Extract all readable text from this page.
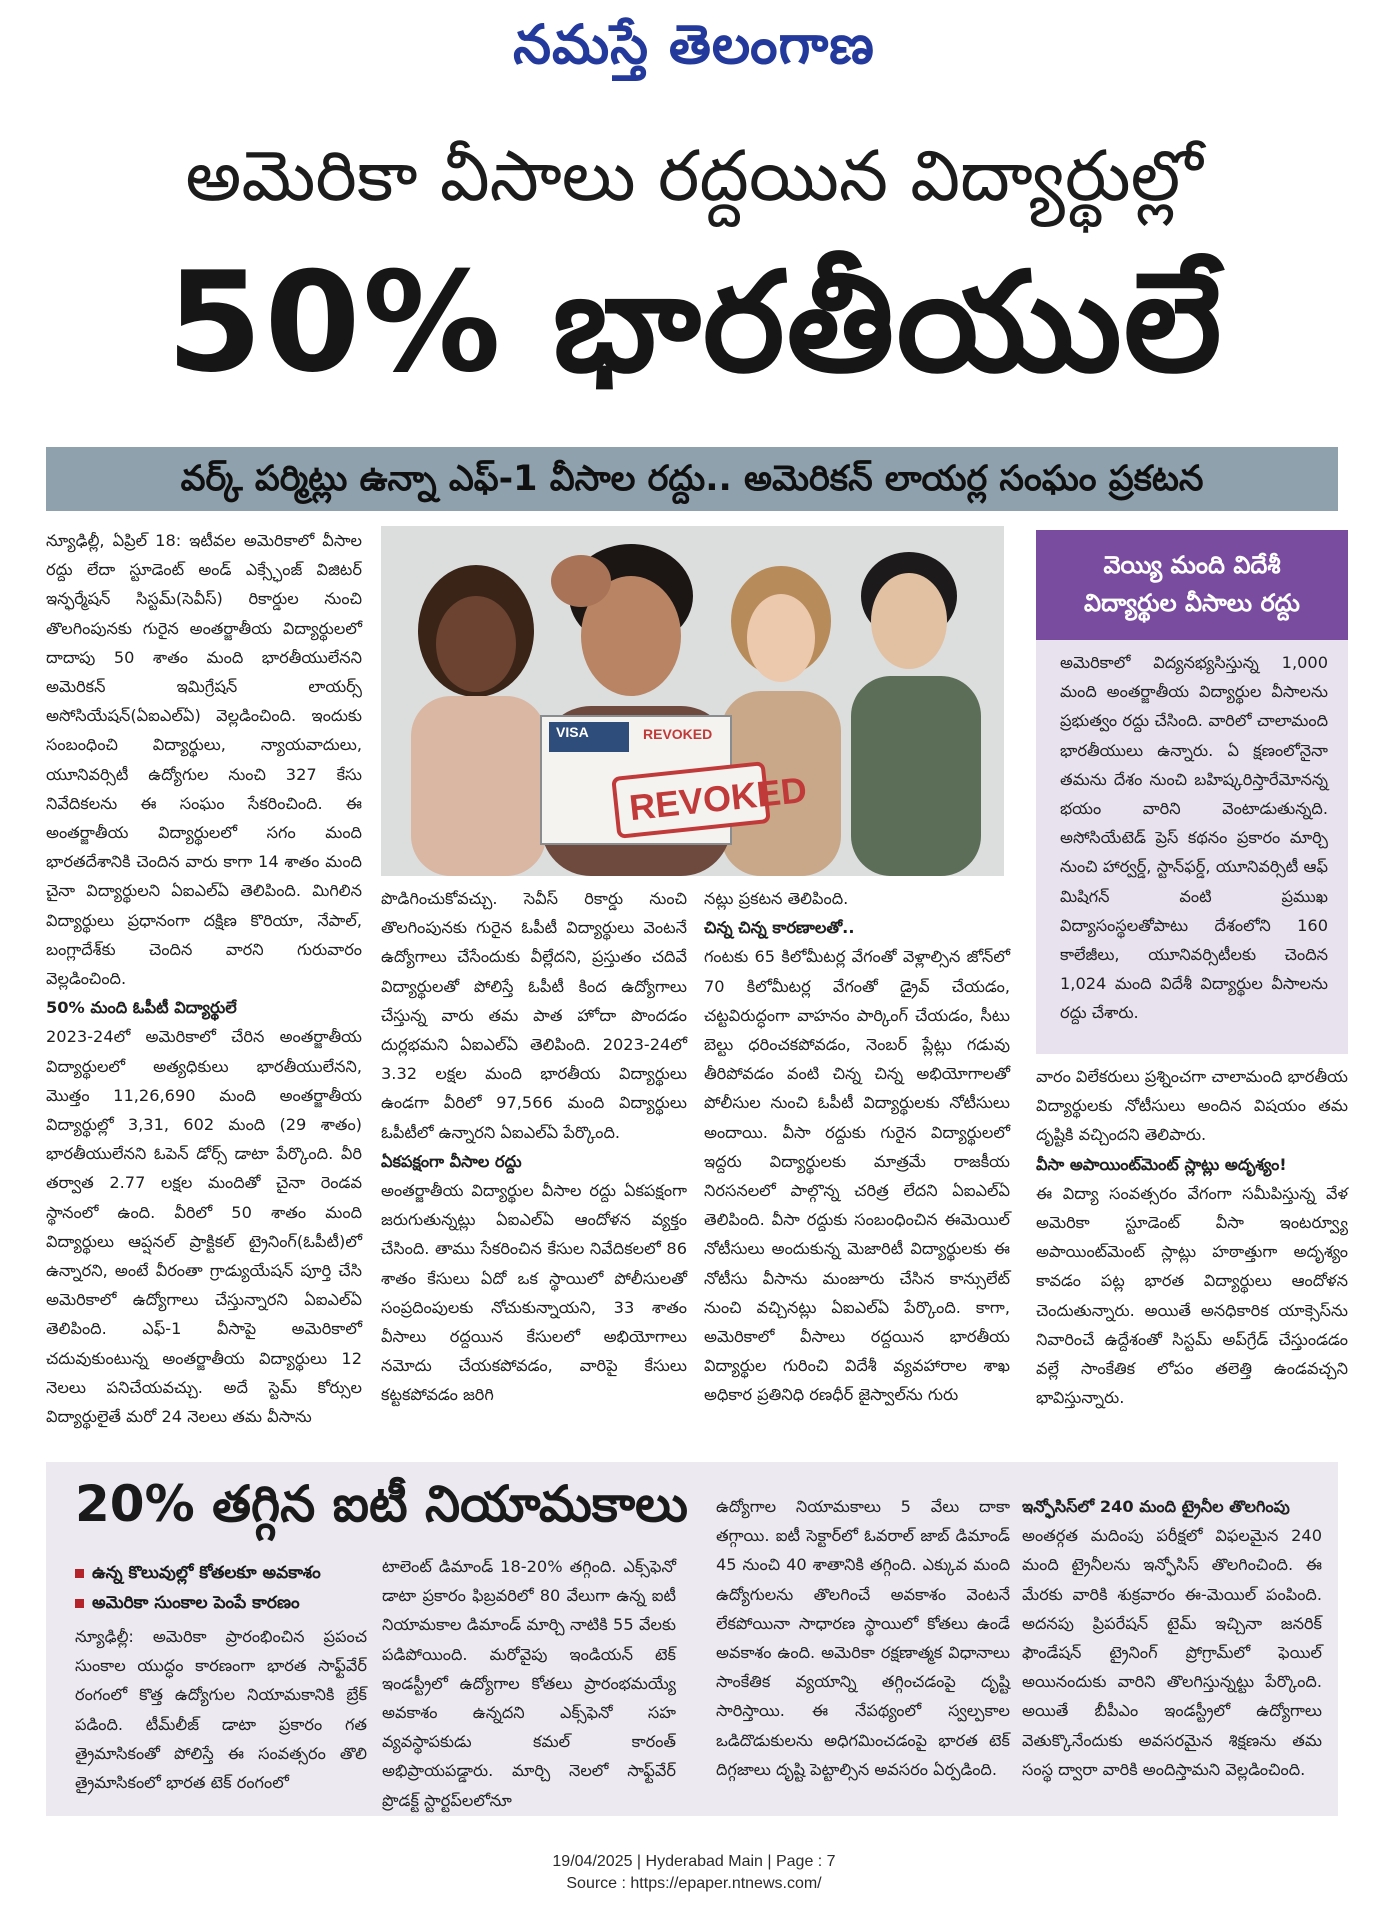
నమస్తే తెలంగాణ
అమెరికా వీసాలు రద్దయిన విద్యార్థుల్లో
50% భారతీయులే
వర్క్‌ పర్మిట్లు ఉన్నా ఎఫ్‌-1 వీసాల రద్దు.. అమెరికన్‌ లాయర్ల సంఘం ప్రకటన

న్యూఢిల్లీ, ఏప్రిల్‌ 18: ఇటీవల అమెరికాలో వీసాల రద్దు లేదా స్టూడెంట్‌ అండ్‌ ఎక్స్ఛేంజ్‌ విజిటర్‌ ఇన్ఫర్మేషన్‌ సిస్టమ్‌(సెవీస్‌) రికార్డుల నుంచి తొలగింపునకు గురైన అంతర్జాతీయ విద్యార్థులలో దాదాపు 50 శాతం మంది భారతీయులేనని అమెరికన్‌ ఇమిగ్రేషన్‌ లాయర్స్‌ అసోసియేషన్‌(ఏఐఎల్‌ఏ) వెల్లడించింది. ఇందుకు సంబంధించి విద్యార్థులు, న్యాయవాదులు, యూనివర్సిటీ ఉద్యోగుల నుంచి 327 కేసు నివేదికలను ఈ సంఘం సేకరించింది. ఈ అంతర్జాతీయ విద్యార్థులలో సగం మంది భారతదేశానికి చెందిన వారు కాగా 14 శాతం మంది చైనా విద్యార్థులని ఏఐఎల్‌ఏ తెలిపింది. మిగిలిన విద్యార్థులు ప్రధానంగా దక్షిణ కొరియా, నేపాల్‌, బంగ్లాదేశ్‌కు చెందిన వారని గురువారం వెల్లడించింది.

50% మంది ఓపీటీ విద్యార్థులే

2023-24లో అమెరికాలో చేరిన అంతర్జాతీయ విద్యార్థులలో అత్యధికులు భారతీయులేనని, మొత్తం 11,26,690 మంది అంతర్జాతీయ విద్యార్థుల్లో 3,31, 602 మంది (29 శాతం) భారతీయులేనని ఓపెన్‌ డోర్స్‌ డాటా పేర్కొంది. వీరి తర్వాత 2.77 లక్షల మందితో చైనా రెండవ స్థానంలో ఉంది. వీరిలో 50 శాతం మంది విద్యార్థులు ఆప్షనల్‌ ప్రాక్టికల్‌ ట్రైనింగ్‌(ఓపీటీ)లో ఉన్నారని, అంటే వీరంతా గ్రాడ్యుయేషన్‌ పూర్తి చేసి అమెరికాలో ఉద్యోగాలు చేస్తున్నారని ఏఐఎల్‌ఏ తెలిపింది. ఎఫ్‌-1 వీసాపై అమెరికాలో చదువుకుంటున్న అంతర్జాతీయ విద్యార్థులు 12 నెలలు పనిచేయవచ్చు. అదే స్టెమ్‌ కోర్సుల విద్యార్థులైతే మరో 24 నెలలు తమ వీసాను

VISA	REVOKED
REVOKED

పొడిగించుకోవచ్చు. సెవీస్‌ రికార్డు నుంచి తొలగింపునకు గురైన ఓపీటీ విద్యార్థులు వెంటనే ఉద్యోగాలు చేసేందుకు వీల్లేదని, ప్రస్తుతం చదివే విద్యార్థులతో పోలిస్తే ఓపీటీ కింద ఉద్యోగాలు చేస్తున్న వారు తమ పాత హోదా పొందడం దుర్లభమని ఏఐఎల్‌ఏ తెలిపింది. 2023-24లో 3.32 లక్షల మంది భారతీయ విద్యార్థులు ఉండగా వీరిలో 97,566 మంది విద్యార్థులు ఓపీటీలో ఉన్నారని ఏఐఎల్‌ఏ పేర్కొంది.

ఏకపక్షంగా వీసాల రద్దు

అంతర్జాతీయ విద్యార్థుల వీసాల రద్దు ఏకపక్షంగా జరుగుతున్నట్లు ఏఐఎల్‌ఏ ఆందోళన వ్యక్తం చేసింది. తాము సేకరించిన కేసుల నివేదికలలో 86 శాతం కేసులు ఏదో ఒక స్థాయిలో పోలీసులతో సంప్రదింపులకు నోచుకున్నాయని, 33 శాతం వీసాలు రద్దయిన కేసులలో అభియోగాలు నమోదు చేయకపోవడం, వారిపై కేసులు కట్టకపోవడం జరిగి

నట్లు ప్రకటన తెలిపింది.

చిన్న చిన్న కారణాలతో..

గంటకు 65 కిలోమీటర్ల వేగంతో వెళ్లాల్సిన జోన్‌లో 70 కిలోమీటర్ల వేగంతో డ్రైవ్‌ చేయడం, చట్టవిరుద్ధంగా వాహనం పార్కింగ్‌ చేయడం, సీటు బెల్టు ధరించకపోవడం, నెంబర్‌ ప్లేట్లు గడువు తీరిపోవడం వంటి చిన్న చిన్న అభియోగాలతో పోలీసుల నుంచి ఓపీటీ విద్యార్థులకు నోటీసులు అందాయి. వీసా రద్దుకు గురైన విద్యార్థులలో ఇద్దరు విద్యార్థులకు మాత్రమే రాజకీయ నిరసనలలో పాల్గొన్న చరిత్ర లేదని ఏఐఎల్‌ఏ తెలిపింది. వీసా రద్దుకు సంబంధించిన ఈమెయిల్‌ నోటీసులు అందుకున్న మెజారిటీ విద్యార్థులకు ఈ నోటీసు వీసాను మంజూరు చేసిన కాన్సులేట్‌ నుంచి వచ్చినట్లు ఏఐఎల్‌ఏ పేర్కొంది. కాగా, అమెరికాలో వీసాలు రద్దయిన భారతీయ విద్యార్థుల గురించి విదేశీ వ్యవహారాల శాఖ అధికార ప్రతినిధి రణధీర్‌ జైస్వాల్‌ను గురు

వెయ్యి మంది విదేశీ
విద్యార్థుల వీసాలు రద్దు

అమెరికాలో విద్యనభ్యసిస్తున్న 1,000 మంది అంతర్జాతీయ విద్యార్థుల వీసాలను ప్రభుత్వం రద్దు చేసింది. వారిలో చాలామంది భారతీయులు ఉన్నారు. ఏ క్షణంలోనైనా తమను దేశం నుంచి బహిష్కరిస్తారేమోనన్న భయం వారిని వెంటాడుతున్నది. అసోసియేటెడ్‌ ప్రెస్‌ కథనం ప్రకారం మార్చి నుంచి హార్వర్డ్‌, స్టాన్‌ఫర్డ్‌, యూనివర్సిటీ ఆఫ్‌ మిషిగన్‌ వంటి ప్రముఖ విద్యాసంస్థలతోపాటు దేశంలోని 160 కాలేజీలు, యూనివర్సిటీలకు చెందిన 1,024 మంది విదేశీ విద్యార్థుల వీసాలను రద్దు చేశారు.

వారం విలేకరులు ప్రశ్నించగా చాలామంది భారతీయ విద్యార్థులకు నోటీసులు అందిన విషయం తమ దృష్టికి వచ్చిందని తెలిపారు.

వీసా అపాయింట్‌మెంట్‌ స్లాట్లు అదృశ్యం!

ఈ విద్యా సంవత్సరం వేగంగా సమీపిస్తున్న వేళ అమెరికా స్టూడెంట్‌ వీసా ఇంటర్వ్యూ అపాయింట్‌మెంట్‌ స్లాట్లు హఠాత్తుగా అదృశ్యం కావడం పట్ల భారత విద్యార్థులు ఆందోళన చెందుతున్నారు. అయితే అనధికారిక యాక్సెస్‌ను నివారించే ఉద్దేశంతో సిస్టమ్‌ అప్‌గ్రేడ్‌ చేస్తుండడం వల్లే సాంకేతిక లోపం తలెత్తి ఉండవచ్చని భావిస్తున్నారు.

20% తగ్గిన ఐటీ నియామకాలు
ఉన్న కొలువుల్లో కోతలకూ అవకాశం
అమెరికా సుంకాల పెంపే కారణం

న్యూఢిల్లీ: అమెరికా ప్రారంభించిన ప్రపంచ సుంకాల యుద్ధం కారణంగా భారత సాఫ్ట్‌వేర్‌ రంగంలో కొత్త ఉద్యోగుల నియామకానికి బ్రేక్‌ పడింది. టీమ్‌లీజ్‌ డాటా ప్రకారం గత త్రైమాసికంతో పోలిస్తే ఈ సంవత్సరం తొలి త్రైమాసికంలో భారత టెక్‌ రంగంలో

టాలెంట్‌ డిమాండ్‌ 18-20% తగ్గింది. ఎక్స్‌ఫెనో డాటా ప్రకారం ఫిబ్రవరిలో 80 వేలుగా ఉన్న ఐటీ నియామకాల డిమాండ్‌ మార్చి నాటికి 55 వేలకు పడిపోయింది. మరోవైపు ఇండియన్‌ టెక్‌ ఇండస్ట్రీలో ఉద్యోగాల కోతలు ప్రారంభమయ్యే అవకాశం ఉన్నదని ఎక్స్‌ఫెనో సహ వ్యవస్థాపకుడు కమల్‌ కారంత్‌ అభిప్రాయపడ్డారు. మార్చి నెలలో సాఫ్ట్‌వేర్‌ ప్రొడక్ట్‌ స్టార్టప్‌లలోనూ

ఉద్యోగాల నియామకాలు 5 వేలు దాకా తగ్గాయి. ఐటీ సెక్టార్‌లో ఓవరాల్‌ జాబ్‌ డిమాండ్‌ 45 నుంచి 40 శాతానికి తగ్గింది. ఎక్కువ మంది ఉద్యోగులను తొలగించే అవకాశం వెంటనే లేకపోయినా సాధారణ స్థాయిలో కోతలు ఉండే అవకాశం ఉంది. అమెరికా రక్షణాత్మక విధానాలు సాంకేతిక వ్యయాన్ని తగ్గించడంపై దృష్టి సారిస్తాయి. ఈ నేపథ్యంలో స్వల్పకాల ఒడిదొడుకులను అధిగమించడంపై భారత టెక్‌ దిగ్గజాలు దృష్టి పెట్టాల్సిన అవసరం ఏర్పడింది.

ఇన్ఫోసిస్‌లో 240 మంది ట్రైనీల తొలగింపు

అంతర్గత మదింపు పరీక్షలో విఫలమైన 240 మంది ట్రైనీలను ఇన్ఫోసిస్‌ తొలగించింది. ఈ మేరకు వారికి శుక్రవారం ఈ-మెయిల్‌ పంపింది. అదనపు ప్రిపరేషన్‌ టైమ్‌ ఇచ్చినా జనరిక్‌ ఫౌండేషన్‌ ట్రైనింగ్‌ ప్రోగ్రామ్‌లో ఫెయిల్‌ అయినందుకు వారిని తొలగిస్తున్నట్టు పేర్కొంది. అయితే బీపీఎం ఇండస్ట్రీలో ఉద్యోగాలు వెతుక్కొనేందుకు అవసరమైన శిక్షణను తమ సంస్థ ద్వారా వారికి అందిస్తామని వెల్లడించింది.

19/04/2025 | Hyderabad Main | Page : 7
Source : https://epaper.ntnews.com/
